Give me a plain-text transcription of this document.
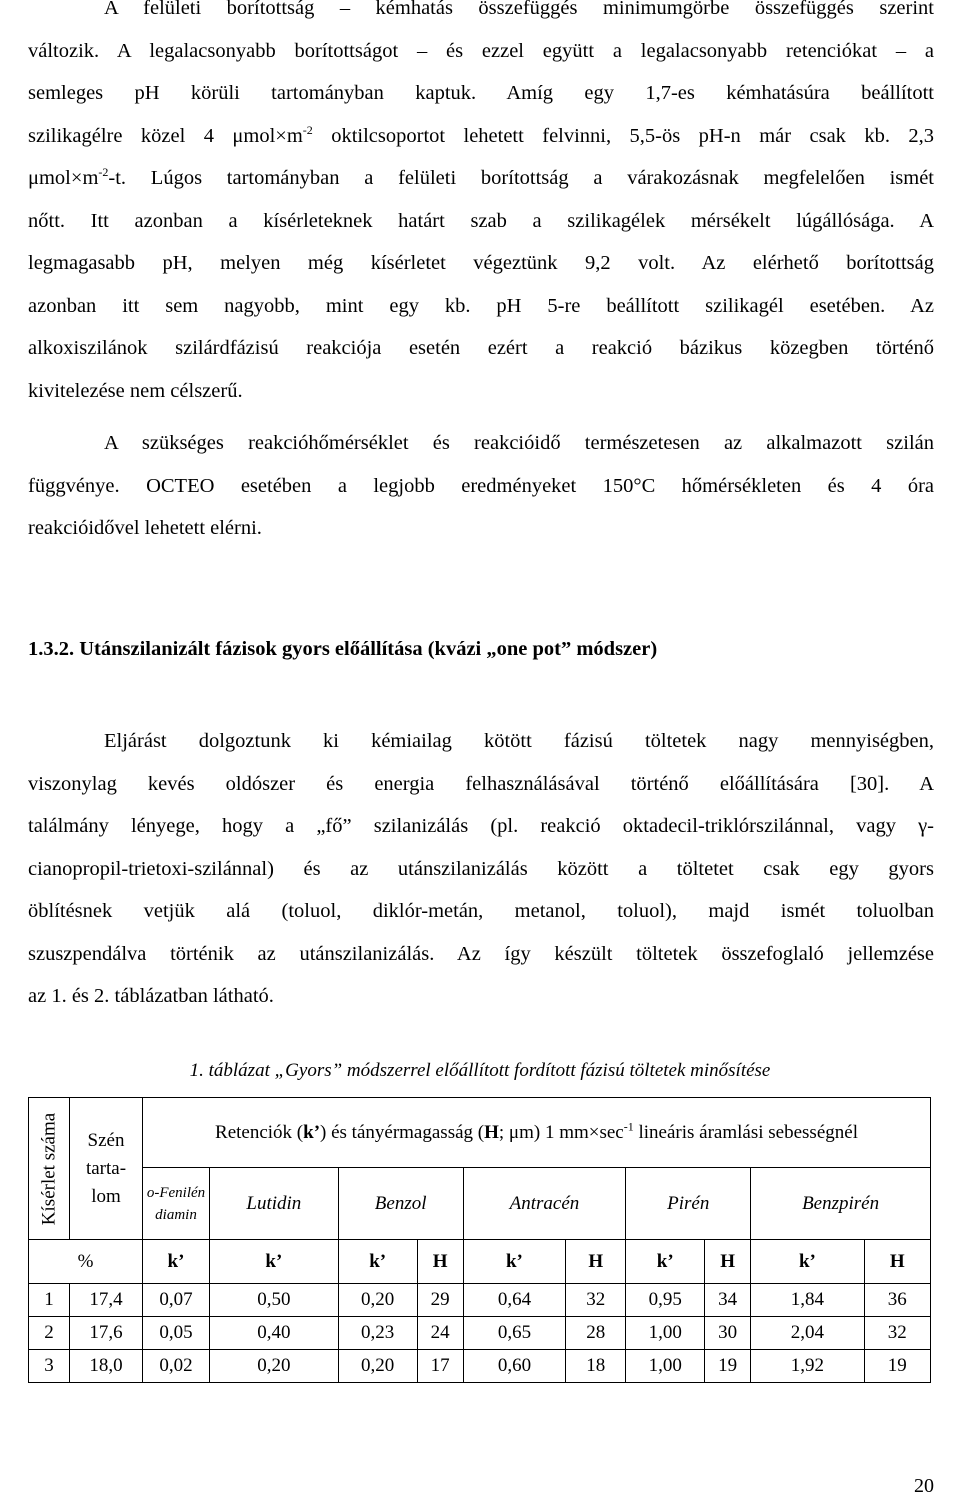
A felületi borítottság – kémhatás összefüggés minimumgörbe összefüggés szerint
változik. A legalacsonyabb borítottságot – és ezzel együtt a legalacsonyabb retenciókat – a
semleges pH körüli tartományban kaptuk. Amíg egy 1,7-es kémhatásúra beállított
szilikagélre közel 4 $\mu mol\times m^{-2}$ oktilcsoportot lehetett felvinni, 5,5-ös pH-n már csak kb. 2,3
$\mu mol\times m^{-2}-t$. Lúgos tartományban a felületi borítottság a várakozásnak megfelelően ismét
nőtt. Itt azonban a kísérleteknek határt szab a szilikagélek mérsékelt lúgállósága. A
legmagasabb pH, melyen még kísérletet végeztünk 9,2 volt. Az elérhető borítottság
azonban itt sem nagyobb, mint egy kb. pH 5-re beállított szilikagél esetében. Az
alkoxiszilánok szilárdfázisú reakciója esetén ezért a reakció bázikus közegben történő
kivitelezése nem célszerű.
A szükséges reakcióhőmérséklet és reakcióidő természetesen az alkalmazott szilán
függvénye. OCTEO esetében a legjobb eredményeket 150°C hőmérsékleten és 4 óra
reakcióidővel lehetett elérni.
1.3.2. Utánszilanizált fázisok gyors előállítása (kvázi „one pot” módszer)
Eljárást dolgoztunk ki kémiailag kötött fázisú töltetek nagy mennyiségben,
viszonylag kevés oldószer és energia felhasználásával történő előállítására [30]. A
találmány lényege, hogy a „fő” szilanizálás (pl. reakció oktadecil-triklórszilánnal, vagy γ-
cianopropil-trietoxi-szilánnal) és az utánszilanizálás között a töltetet csak egy gyors
öblítésnek vetjük alá (toluol, diklór-metán, metanol, toluol), majd ismét toluolban
szuszpendálva történik az utánszilanizálás. Az így készült töltetek összefoglaló jellemzése
az 1. és 2. táblázatban látható.
1. táblázat „Gyors” módszerrel előállított fordított fázisú töltetek minősítése
Kísérlet száma	Szén tarta-lom	Retenciók (k’) és tányérmagasság (H; μm) 1 $mm\times\sec^{-1}$ lineáris áramlási sebességnél									
		o-Fenilén diamin	Lutidin	Benzol		Antracén		Pirén		Benzpirén	
%		k’	k’	k’	H	k’	H	k’	H	k’	H
1	17,4	0,07	0,50	0,20	29	0,64	32	0,95	34	1,84	36
2	17,6	0,05	0,40	0,23	24	0,65	28	1,00	30	2,04	32
3	18,0	0,02	0,20	0,20	17	0,60	18	1,00	19	1,92	19
20
